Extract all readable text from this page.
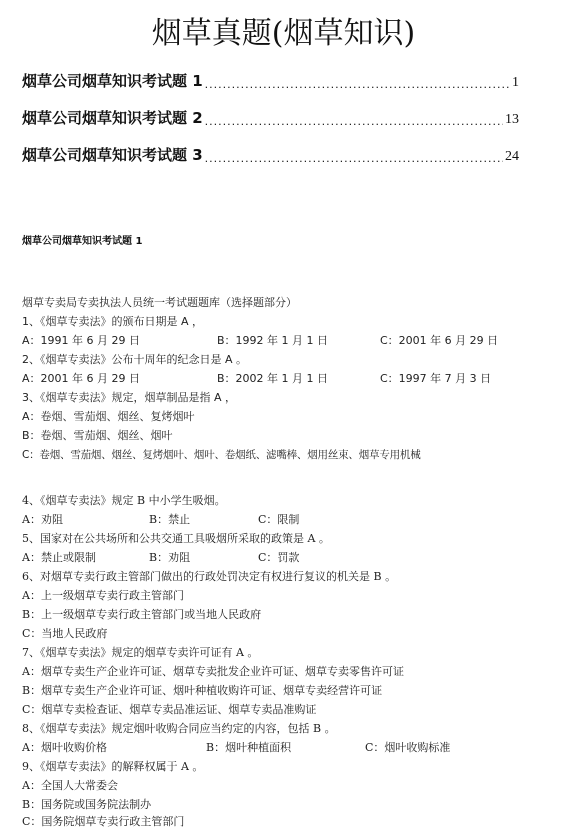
烟草真题(烟草知识)
烟草公司烟草知识考试题 1 .....	1
烟草公司烟草知识考试题 2 .....	13
烟草公司烟草知识考试题 3 .....	24
烟草公司烟草知识考试题 1
烟草专卖局专卖执法人员统一考试题题库（选择题部分）
1、《烟草专卖法》的颁布日期是 A ，
A：1991 年 6 月 29 日	B：1992 年 1 月 1 日	C：2001 年 6 月 29 日
2、《烟草专卖法》公布十周年的纪念日是 A 。
A：2001 年 6 月 29 日	B：2002 年 1 月 1 日	C：1997 年 7 月 3 日
3、《烟草专卖法》规定，烟草制品是指 A ，
A：卷烟、雪茄烟、烟丝、复烤烟叶
B：卷烟、雪茄烟、烟丝、烟叶
C：卷烟、雪茄烟、烟丝、复烤烟叶、烟叶、卷烟纸、滤嘴棒、烟用丝束、烟草专用机械
4、《烟草专卖法》规定 B 中小学生吸烟。
A：劝阻	B：禁止	C：限制
5、国家对在公共场所和公共交通工具吸烟所采取的政策是 A 。
A：禁止或限制	B：劝阻	C：罚款
6、对烟草专卖行政主管部门做出的行政处罚决定有权进行复议的机关是 B 。
A：上一级烟草专卖行政主管部门
B：上一级烟草专卖行政主管部门或当地人民政府
C：当地人民政府
7、《烟草专卖法》规定的烟草专卖许可证有 A 。
A：烟草专卖生产企业许可证、烟草专卖批发企业许可证、烟草专卖零售许可证
B：烟草专卖生产企业许可证、烟叶种植收购许可证、烟草专卖经营许可证
C：烟草专卖检查证、烟草专卖品准运证、烟草专卖品准购证
8、《烟草专卖法》规定烟叶收购合同应当约定的内容，包括 B 。
A：烟叶收购价格	B：烟叶种植面积	C：烟叶收购标准
9、《烟草专卖法》的解释权属于 A 。
A：全国人大常委会
B：国务院或国务院法制办
C：国务院烟草专卖行政主管部门
